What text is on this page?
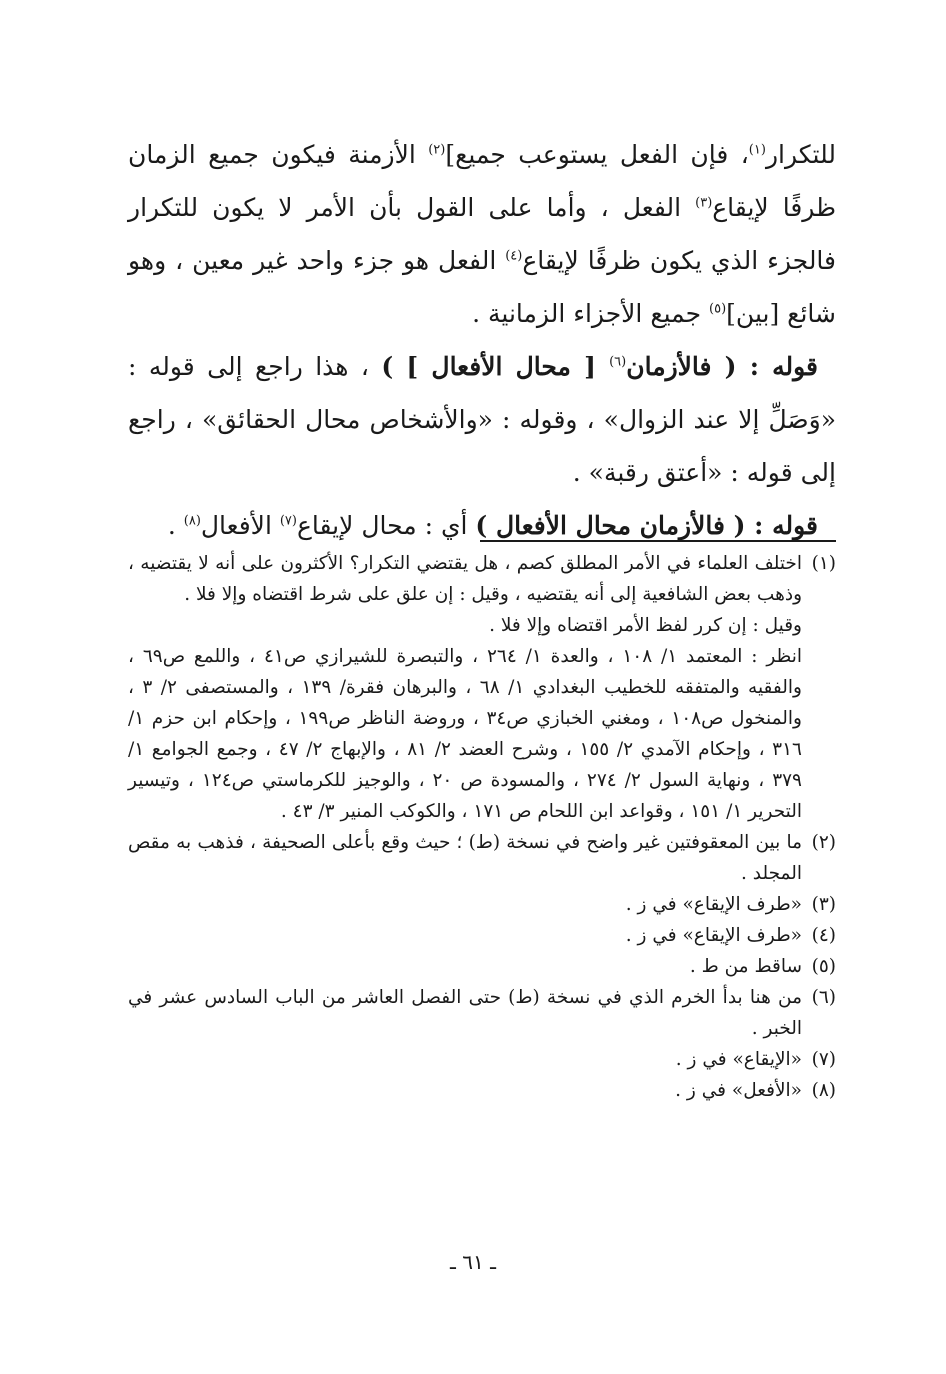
للتكرار$^{(١)}$، فإن الفعل يستوعب جميع]$^{(٢)}$ الأزمنة فيكون جميع الزمان ظرفًا لإيقاع$^{(٣)}$ الفعل ، وأما على القول بأن الأمر لا يكون للتكرار فالجزء الذي يكون ظرفًا لإيقاع$^{(٤)}$ الفعل هو جزء واحد غير معين ، وهو شائع [بين]$^{(٥)}$ جميع الأجزاء الزمانية .

قوله : ( فالأزمان$^{(٦)}$ [ محال الأفعال ] ) ، هذا راجع إلى قوله : «وَصَلِّ إلا عند الزوال» ، وقوله : «والأشخاص محال الحقائق» ، راجع إلى قوله : «أعتق رقبة» .

قوله : ( فالأزمان محال الأفعال ) أي : محال لإيقاع$^{(٧)}$ الأفعال$^{(٨)}$ .

(١)

اختلف العلماء في الأمر المطلق كصم ، هل يقتضي التكرار؟ الأكثرون على أنه لا يقتضيه ، وذهب بعض الشافعية إلى أنه يقتضيه ، وقيل : إن علق على شرط اقتضاه وإلا فلا .

وقيل : إن كرر لفظ الأمر اقتضاه وإلا فلا .
انظر : المعتمد ١/ ١٠٨ ، والعدة ١/ ٢٦٤ ، والتبصرة للشيرازي ص٤١ ، واللمع ص٦٩ ، والفقيه والمتفقه للخطيب البغدادي ١/ ٦٨ ، والبرهان فقرة/ ١٣٩ ، والمستصفى ٢/ ٣ ، والمنخول ص١٠٨ ، ومغني الخبازي ص٣٤ ، وروضة الناظر ص١٩٩ ، وإحكام ابن حزم ١/ ٣١٦ ، وإحكام الآمدي ٢/ ١٥٥ ، وشرح العضد ٢/ ٨١ ، والإبهاج ٢/ ٤٧ ، وجمع الجوامع ١/ ٣٧٩ ، ونهاية السول ٢/ ٢٧٤ ، والمسودة ص ٢٠ ، والوجيز للكرماستي ص١٢٤ ، وتيسير التحرير ١/ ١٥١ ، وقواعد ابن اللحام ص ١٧١ ، والكوكب المنير ٣/ ٤٣ .
(٢)
ما بين المعقوفتين غير واضح في نسخة (ط) ؛ حيث وقع بأعلى الصحيفة ، فذهب به مقص المجلد .
(٣)
«طرف الإيقاع» في ز .
(٤)
«طرف الإيقاع» في ز .
(٥)
ساقط من ط .
(٦)
من هنا بدأ الخرم الذي في نسخة (ط) حتى الفصل العاشر من الباب السادس عشر في الخبر .
(٧)
«الإيقاع» في ز .
(٨)
«الأفعل» في ز .
ـ ٦١ ـ
